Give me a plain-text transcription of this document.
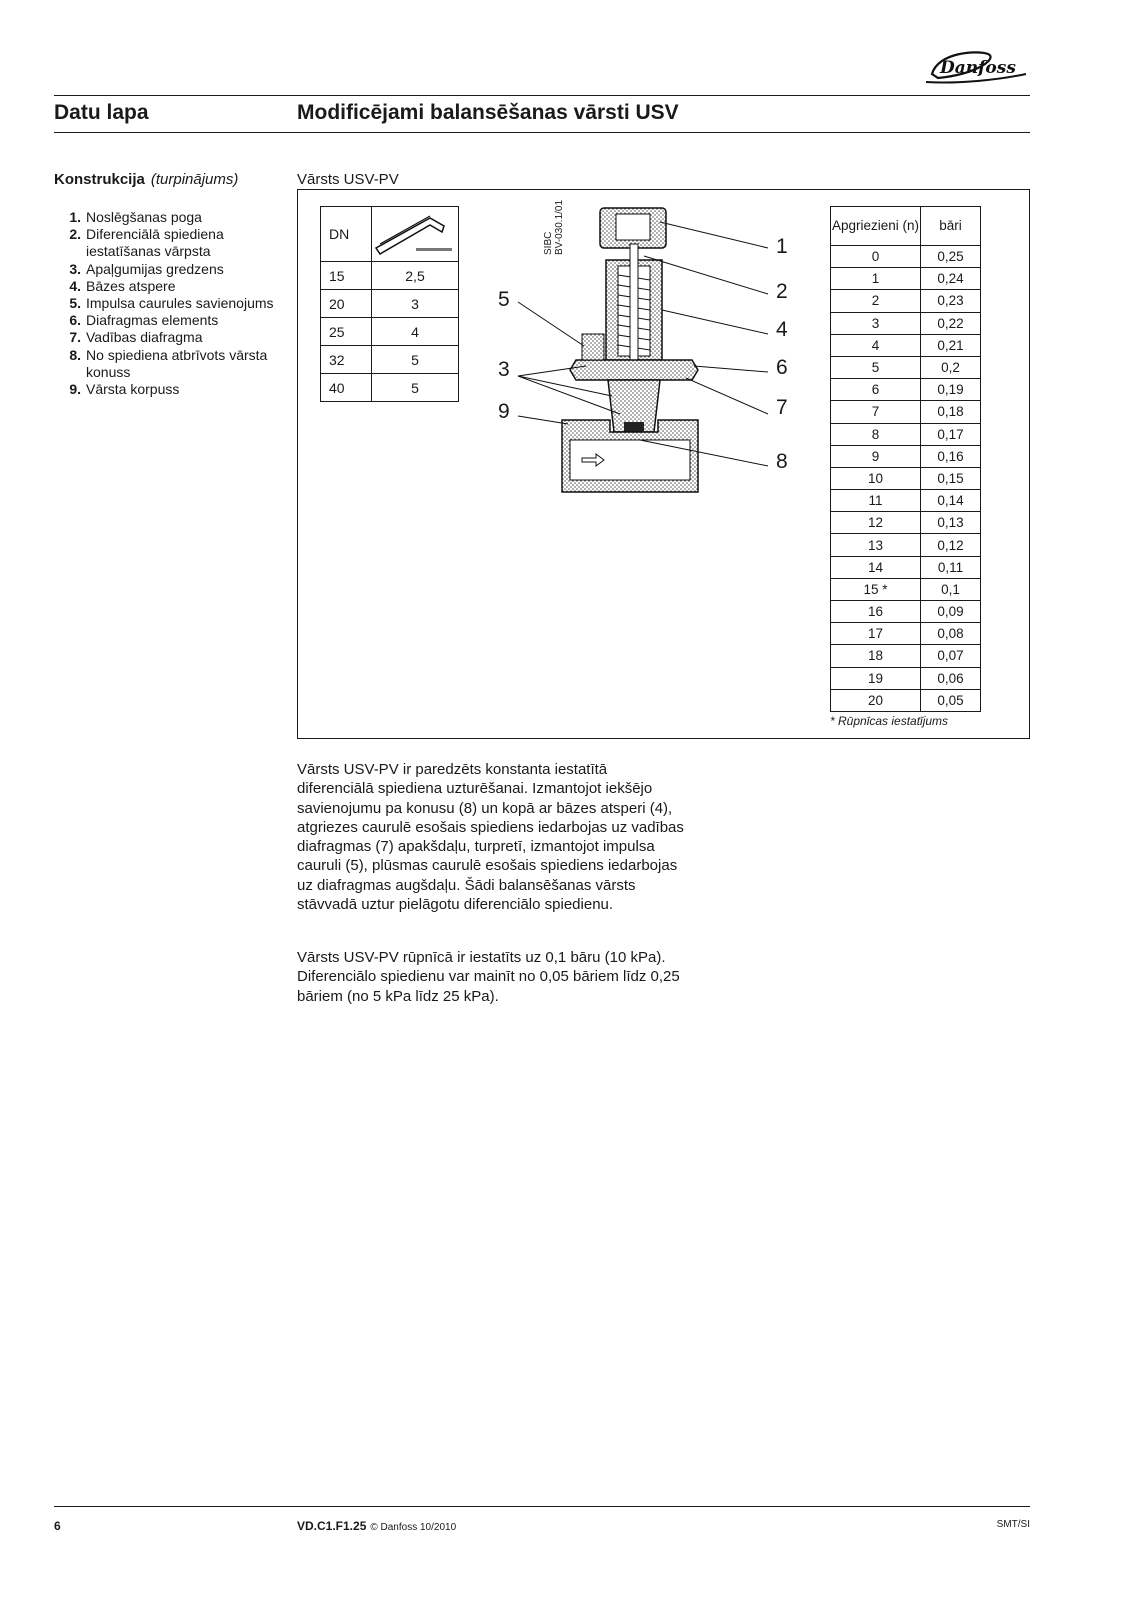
Danfoss
Datu lapa	Modificējami balansēšanas vārsti USV
Konstrukcija (turpinājums)
1. Noslēgšanas poga
2. Diferenciālā spiediena iestatīšanas vārpsta
3. Apaļgumijas gredzens
4. Bāzes atspere
5. Impulsa caurules savienojums
6. Diafragmas elements
7. Vadības diafragma
8. No spiediena atbrīvots vārsta konuss
9. Vārsta korpuss
Vārsts USV-PV
DN	
15	2,5
20	3
25	4
32	5
40	5
SIBC BV-030.1/01	1
2
4
6
7
8
5
3
9
Apgriezieni (n)	bāri
0	0,25
1	0,24
2	0,23
3	0,22
4	0,21
5	0,2
6	0,19
7	0,18
8	0,17
9	0,16
10	0,15
11	0,14
12	0,13
13	0,12
14	0,11
15 *	0,1
16	0,09
17	0,08
18	0,07
19	0,06
20	0,05
* Rūpnīcas iestatījums
Vārsts USV-PV ir paredzēts konstanta iestatītā diferenciālā spiediena uzturēšanai. Izmantojot iekšējo savienojumu pa konusu (8) un kopā ar bāzes atsperi (4), atgriezes caurulē esošais spiediens iedarbojas uz vadības diafragmas (7) apakšdaļu, turpretī, izmantojot impulsa cauruli (5), plūsmas caurulē esošais spiediens iedarbojas uz diafragmas augšdaļu. Šādi balansēšanas vārsts stāvvadā uztur pielāgotu diferenciālo spiedienu.
Vārsts USV-PV rūpnīcā ir iestatīts uz 0,1 bāru (10 kPa). Diferenciālo spiedienu var mainīt no 0,05 bāriem līdz 0,25 bāriem (no 5 kPa līdz 25 kPa).
6	VD.C1.F1.25 © Danfoss 10/2010	SMT/SI
